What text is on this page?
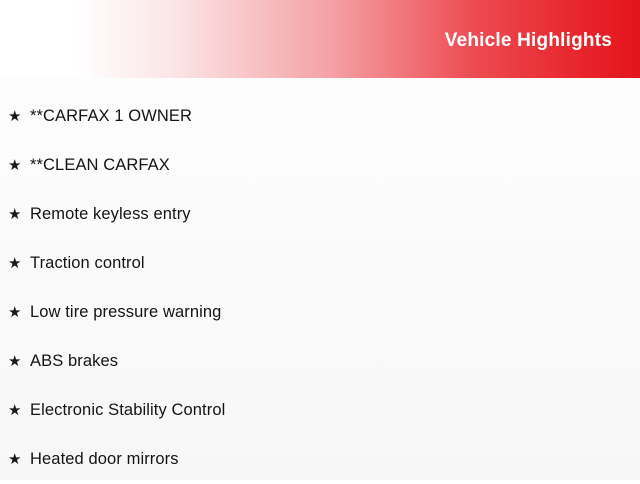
Vehicle Highlights
★ **CARFAX 1 OWNER
★ **CLEAN CARFAX
★ Remote keyless entry
★ Traction control
★ Low tire pressure warning
★ ABS brakes
★ Electronic Stability Control
★ Heated door mirrors
